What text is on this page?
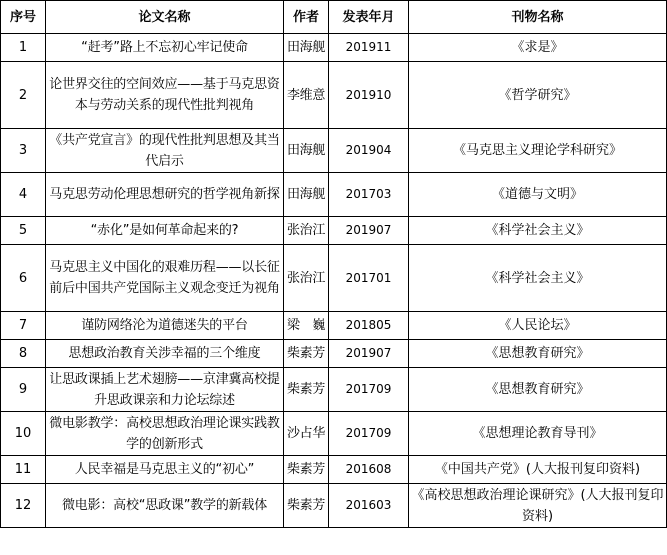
序号	论文名称	作者	发表年月	刊物名称
1	“赶考”路上不忘初心牢记使命	田海舰	201911	《求是》
2	论世界交往的空间效应——基于马克思资本与劳动关系的现代性批判视角	李维意	201910	《哲学研究》
3	《共产党宣言》的现代性批判思想及其当代启示	田海舰	201904	《马克思主义理论学科研究》
4	马克思劳动伦理思想研究的哲学视角新探	田海舰	201703	《道德与文明》
5	“赤化”是如何革命起来的?	张治江	201907	《科学社会主义》
6	马克思主义中国化的艰难历程——以长征前后中国共产党国际主义观念变迁为视角	张治江	201701	《科学社会主义》
7	谨防网络沦为道德迷失的平台	梁　巍	201805	《人民论坛》
8	思想政治教育关涉幸福的三个维度	柴素芳	201907	《思想教育研究》
9	让思政课插上艺术翅膀——京津冀高校提升思政课亲和力论坛综述	柴素芳	201709	《思想教育研究》
10	微电影教学：高校思想政治理论课实践教学的创新形式	沙占华	201709	《思想理论教育导刊》
11	人民幸福是马克思主义的“初心”	柴素芳	201608	《中国共产党》(人大报刊复印资料)
12	微电影：高校“思政课”教学的新载体	柴素芳	201603	《高校思想政治理论课研究》(人大报刊复印资料)
